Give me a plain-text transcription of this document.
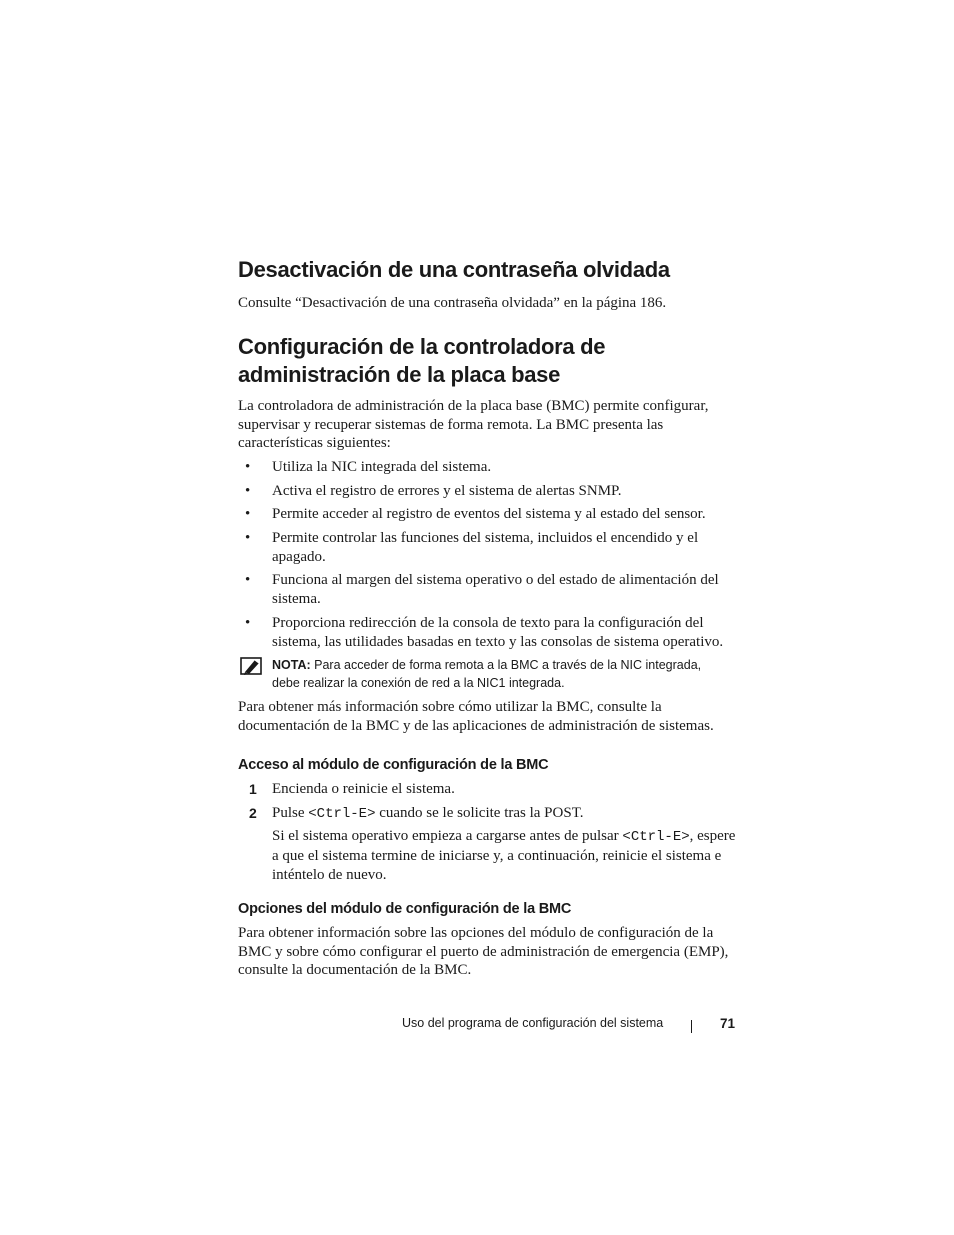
Desactivación de una contraseña olvidada

Consulte “Desactivación de una contraseña olvidada” en la página 186.

Configuración de la controladora de
administración de la placa base

La controladora de administración de la placa base (BMC) permite configurar, supervisar y recuperar sistemas de forma remota. La BMC presenta las características siguientes:

• Utiliza la NIC integrada del sistema.
• Activa el registro de errores y el sistema de alertas SNMP.
• Permite acceder al registro de eventos del sistema y al estado del sensor.
• Permite controlar las funciones del sistema, incluidos el encendido y el apagado.
• Funciona al margen del sistema operativo o del estado de alimentación del sistema.
• Proporciona redirección de la consola de texto para la configuración del sistema, las utilidades basadas en texto y las consolas de sistema operativo.
NOTA: Para acceder de forma remota a la BMC a través de la NIC integrada, debe realizar la conexión de red a la NIC1 integrada.

Para obtener más información sobre cómo utilizar la BMC, consulte la documentación de la BMC y de las aplicaciones de administración de sistemas.

Acceso al módulo de configuración de la BMC
1 Encienda o reinicie el sistema.
2 Pulse <Ctrl-E> cuando se le solicite tras la POST.

Si el sistema operativo empieza a cargarse antes de pulsar <Ctrl-E>, espere a que el sistema termine de iniciarse y, a continuación, reinicie el sistema e inténtelo de nuevo.

Opciones del módulo de configuración de la BMC

Para obtener información sobre las opciones del módulo de configuración de la BMC y sobre cómo configurar el puerto de administración de emergencia (EMP), consulte la documentación de la BMC.

Uso del programa de configuración del sistema	71
